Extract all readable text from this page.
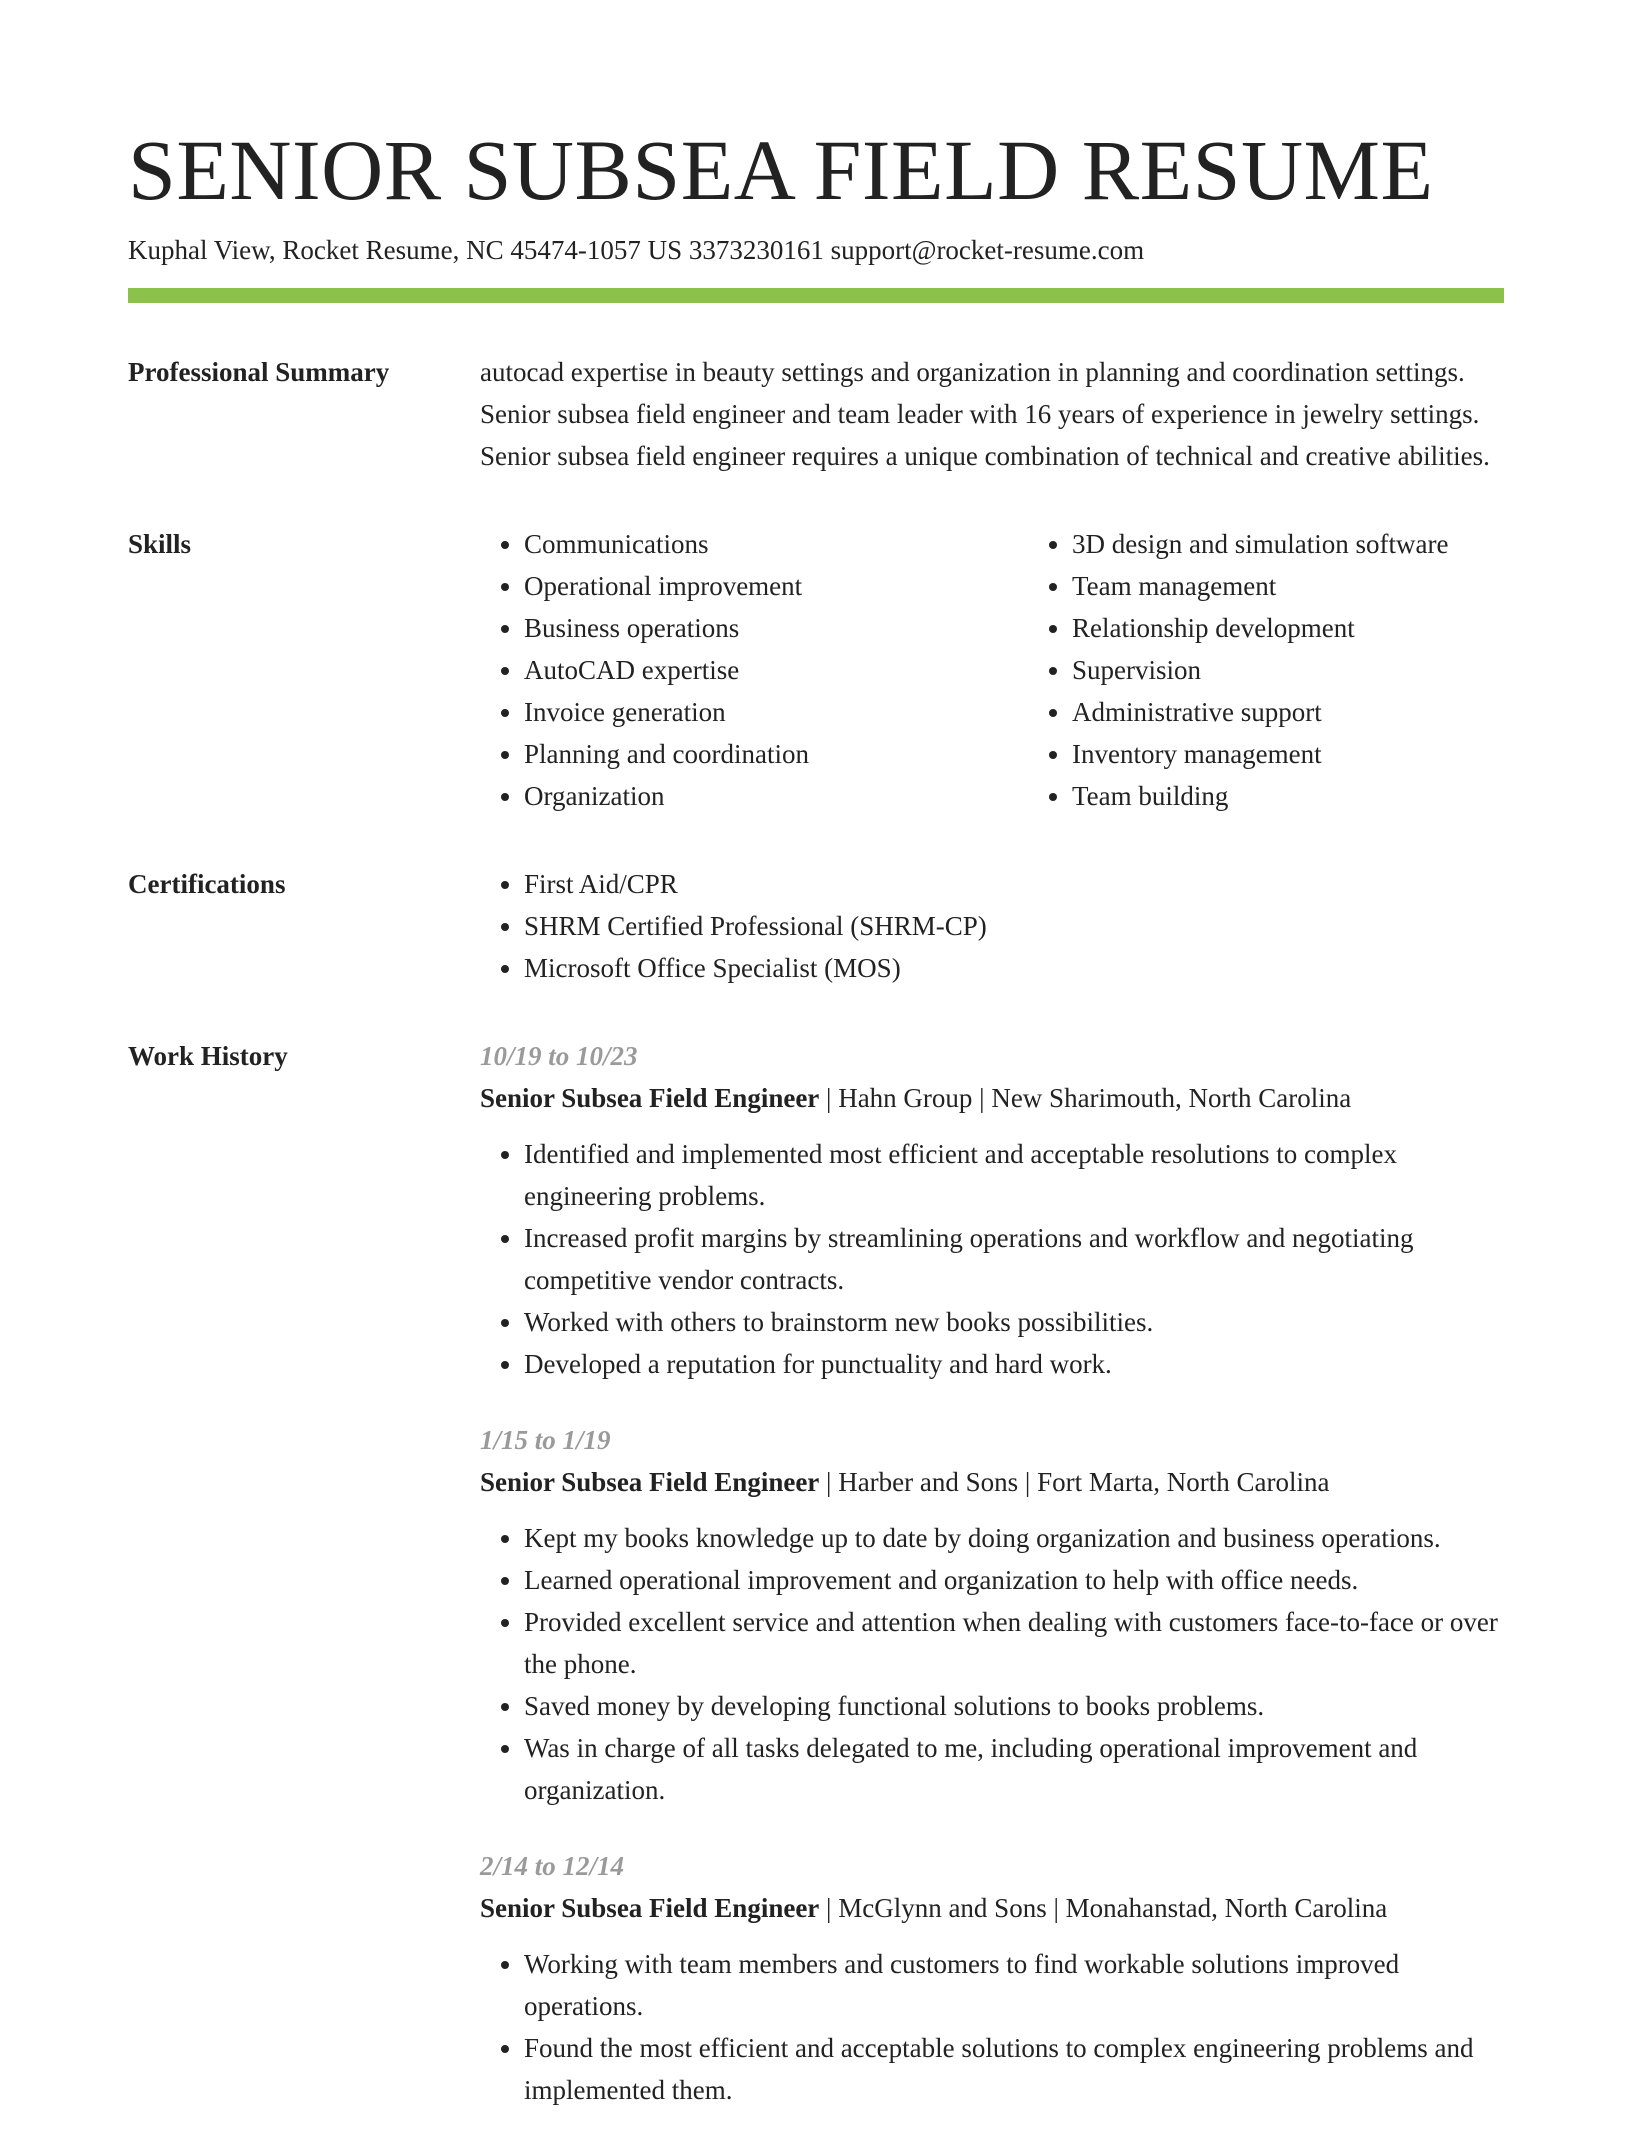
SENIOR SUBSEA FIELD RESUME
Kuphal View, Rocket Resume, NC 45474-1057 US 3373230161 support@rocket-resume.com
Professional Summary	autocad expertise in beauty settings and organization in planning and coordination settings. Senior subsea field engineer and team leader with 16 years of experience in jewelry settings. Senior subsea field engineer requires a unique combination of technical and creative abilities.

Skills	• Communications
• Operational improvement
• Business operations
• AutoCAD expertise
• Invoice generation
• Planning and coordination
• Organization
• 3D design and simulation software
• Team management
• Relationship development
• Supervision
• Administrative support
• Inventory management
• Team building
Certifications	• First Aid/CPR
• SHRM Certified Professional (SHRM-CP)
• Microsoft Office Specialist (MOS)
Work History	10/19 to 10/23
Senior Subsea Field Engineer | Hahn Group | New Sharimouth, North Carolina
• Identified and implemented most efficient and acceptable resolutions to complex engineering problems.
• Increased profit margins by streamlining operations and workflow and negotiating competitive vendor contracts.
• Worked with others to brainstorm new books possibilities.
• Developed a reputation for punctuality and hard work.
1/15 to 1/19
Senior Subsea Field Engineer | Harber and Sons | Fort Marta, North Carolina
• Kept my books knowledge up to date by doing organization and business operations.
• Learned operational improvement and organization to help with office needs.
• Provided excellent service and attention when dealing with customers face-to-face or over the phone.
• Saved money by developing functional solutions to books problems.
• Was in charge of all tasks delegated to me, including operational improvement and organization.
2/14 to 12/14
Senior Subsea Field Engineer | McGlynn and Sons | Monahanstad, North Carolina
• Working with team members and customers to find workable solutions improved operations.
• Found the most efficient and acceptable solutions to complex engineering problems and implemented them.
